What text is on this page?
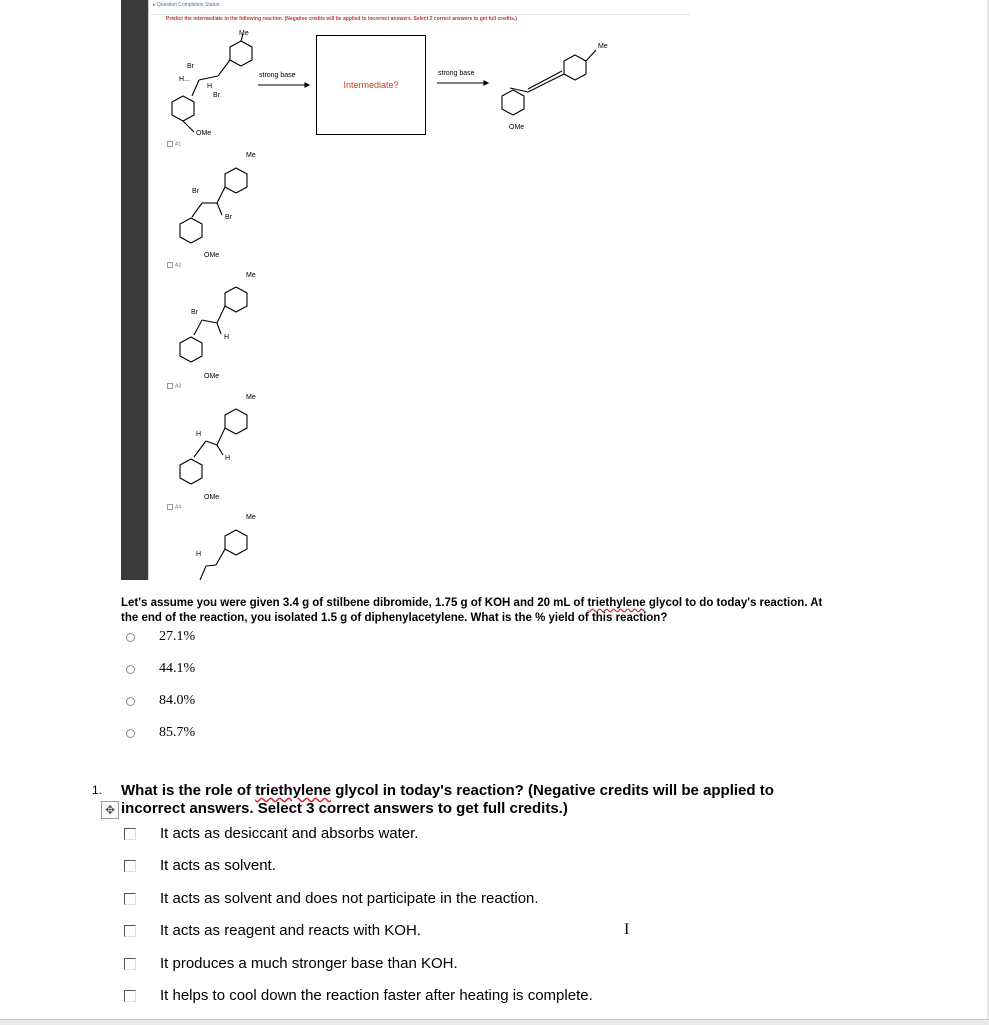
▸ Question Completion Status:
Predict the intermediate in the following reaction. (Negative credits will be applied to incorrect answers. Select 2 correct answers to get full credits.)
Me
Br
H...
H
Br
OMe
strong base
Intermediate?
strong base
Me
OMe
A1
Me
Br
Br
OMe
A2
Me
Br
H
OMe
A3
Me
H
H
OMe
A4
Me
H
Let's assume you were given 3.4 g of stilbene dibromide, 1.75 g of KOH and 20 mL of triethylene glycol to do today's reaction. At the end of the reaction, you isolated 1.5 g of diphenylacetylene. What is the % yield of this reaction?
27.1%
44.1%
84.0%
85.7%
1.
✥
What is the role of triethylene glycol in today's reaction? (Negative credits will be applied to
incorrect answers. Select 3 correct answers to get full credits.)
It acts as desiccant and absorbs water.
It acts as solvent.
It acts as solvent and does not participate in the reaction.
It acts as reagent and reacts with KOH.
It produces a much stronger base than KOH.
It helps to cool down the reaction faster after heating is complete.
I
